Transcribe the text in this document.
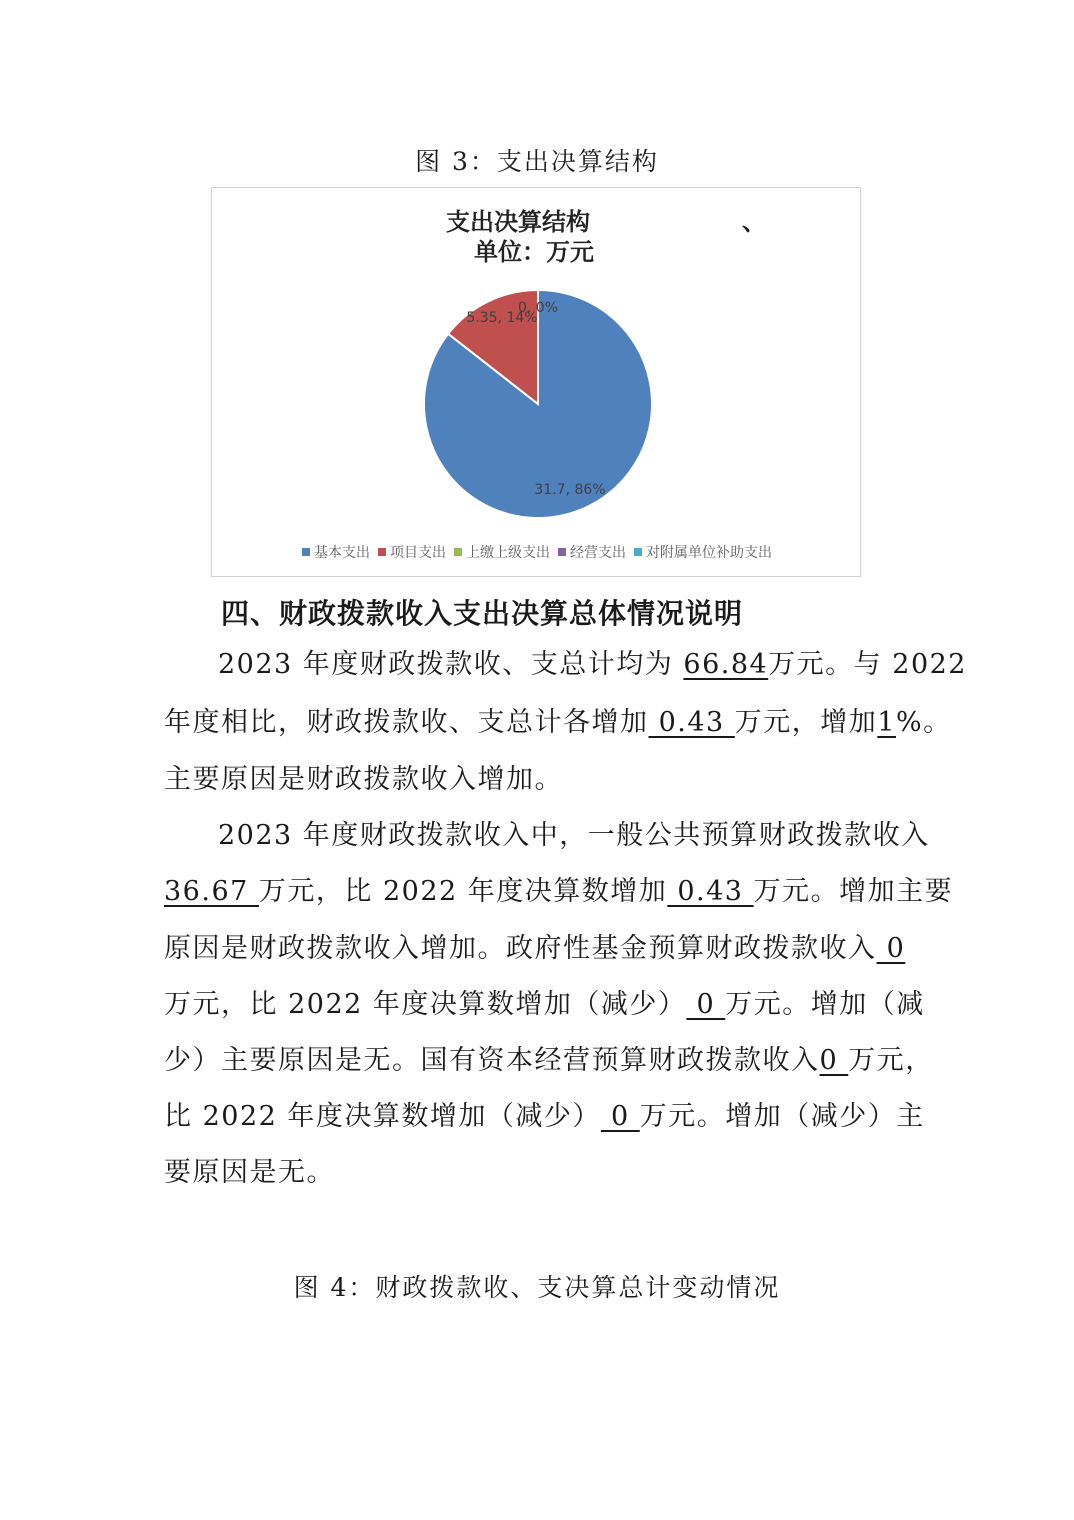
图 3：支出决算结构
31.7, 86%
5.35, 14%
0, 0%
支出决算结构	、
单位：万元
基本支出 项目支出 上缴上级支出 经营支出 对附属单位补助支出
四、财政拨款收入支出决算总体情况说明
2023 年度财政拨款收、支总计均为 66.84万元。与 2022
年度相比，财政拨款收、支总计各增加 0.43 万元，增加1%。
主要原因是财政拨款收入增加。
2023 年度财政拨款收入中，一般公共预算财政拨款收入
36.67 万元，比 2022 年度决算数增加 0.43 万元。增加主要
原因是财政拨款收入增加。政府性基金预算财政拨款收入 0
万元，比 2022 年度决算数增加（减少） 0 万元。增加（减
少）主要原因是无。国有资本经营预算财政拨款收入0 万元，
比 2022 年度决算数增加（减少） 0 万元。增加（减少）主
要原因是无。
图 4：财政拨款收、支决算总计变动情况
